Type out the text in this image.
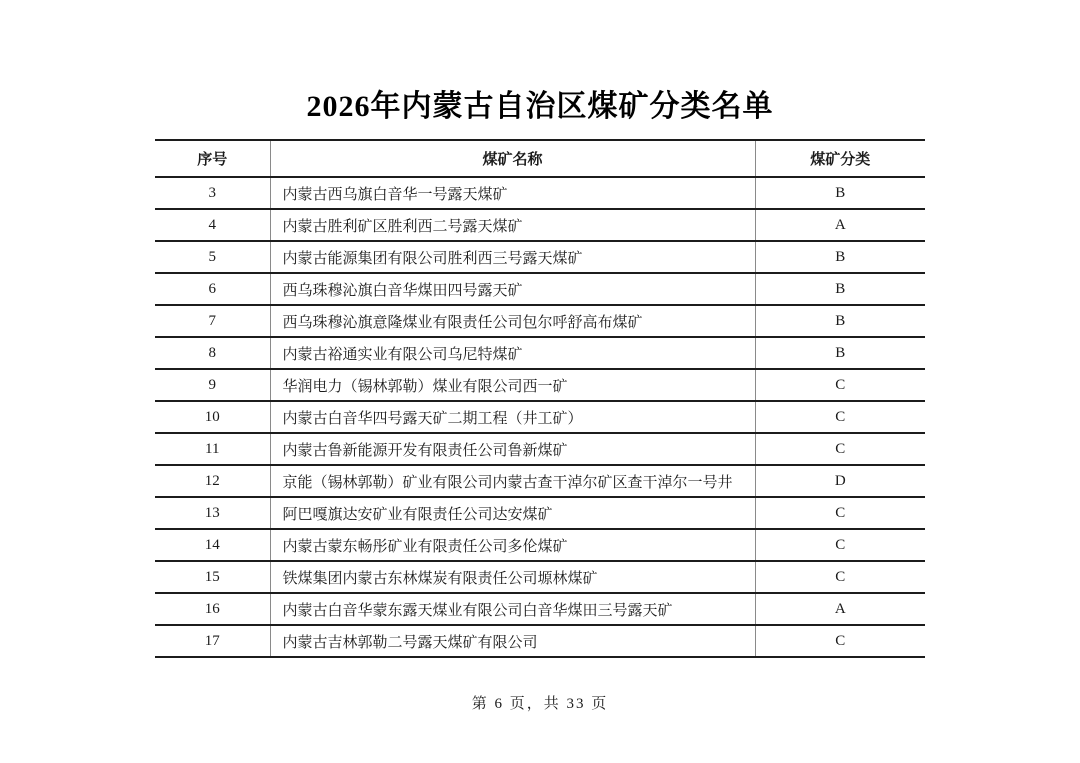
2026年内蒙古自治区煤矿分类名单
序号	煤矿名称	煤矿分类
3	内蒙古西乌旗白音华一号露天煤矿	B
4	内蒙古胜利矿区胜利西二号露天煤矿	A
5	内蒙古能源集团有限公司胜利西三号露天煤矿	B
6	西乌珠穆沁旗白音华煤田四号露天矿	B
7	西乌珠穆沁旗意隆煤业有限责任公司包尔呼舒高布煤矿	B
8	内蒙古裕通实业有限公司乌尼特煤矿	B
9	华润电力（锡林郭勒）煤业有限公司西一矿	C
10	内蒙古白音华四号露天矿二期工程（井工矿）	C
11	内蒙古鲁新能源开发有限责任公司鲁新煤矿	C
12	京能（锡林郭勒）矿业有限公司内蒙古查干淖尔矿区查干淖尔一号井	D
13	阿巴嘎旗达安矿业有限责任公司达安煤矿	C
14	内蒙古蒙东畅彤矿业有限责任公司多伦煤矿	C
15	铁煤集团内蒙古东林煤炭有限责任公司塬林煤矿	C
16	内蒙古白音华蒙东露天煤业有限公司白音华煤田三号露天矿	A
17	内蒙古吉林郭勒二号露天煤矿有限公司	C
第 6 页，共 33 页
